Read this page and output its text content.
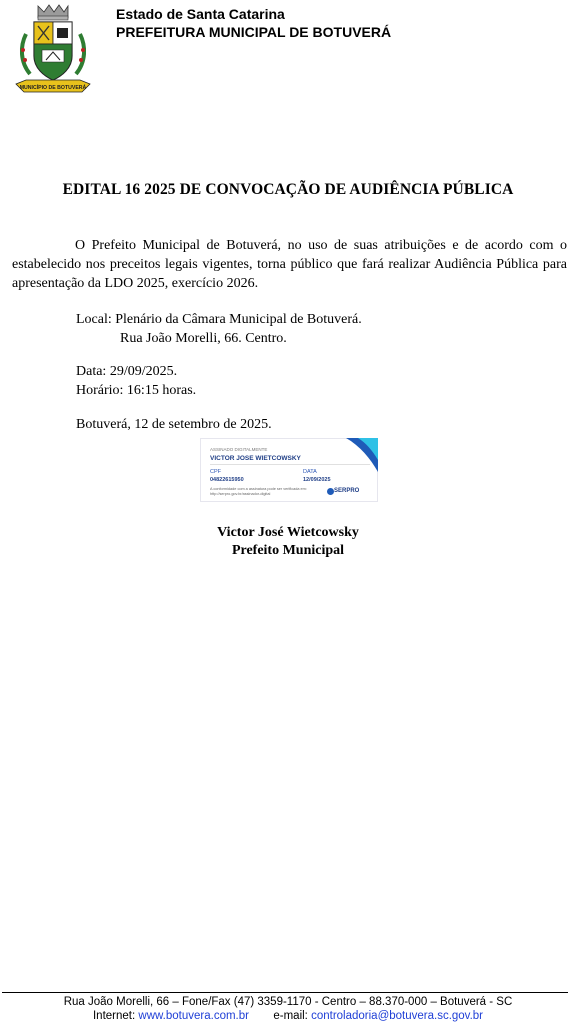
MUNICÍPIO DE BOTUVERÁ
Estado de Santa Catarina
PREFEITURA MUNICIPAL DE BOTUVERÁ
EDITAL 16 2025 DE CONVOCAÇÃO DE AUDIÊNCIA PÚBLICA
O Prefeito Municipal de Botuverá, no uso de suas atribuições e de acordo com o estabelecido nos preceitos legais vigentes, torna público que fará realizar Audiência Pública para apresentação da LDO 2025, exercício 2026.
Local: Plenário da Câmara Municipal de Botuverá.
Rua João Morelli, 66. Centro.
Data: 29/09/2025.
Horário: 16:15 horas.
Botuverá, 12 de setembro de 2025.
ASSINADO DIGITALMENTE
VICTOR JOSE WIETCOWSKY
CPF	DATA
04822615950	12/09/2025
A conformidade com a assinatura pode ser verificada em: http://serpro.gov.br/assinador-digital	SERPRO
Victor José Wietcowsky
Prefeito Municipal
Rua João Morelli, 66 – Fone/Fax (47) 3359-1170 - Centro – 88.370-000 – Botuverá - SC
Internet: www.botuvera.com.br e-mail: controladoria@botuvera.sc.gov.br
